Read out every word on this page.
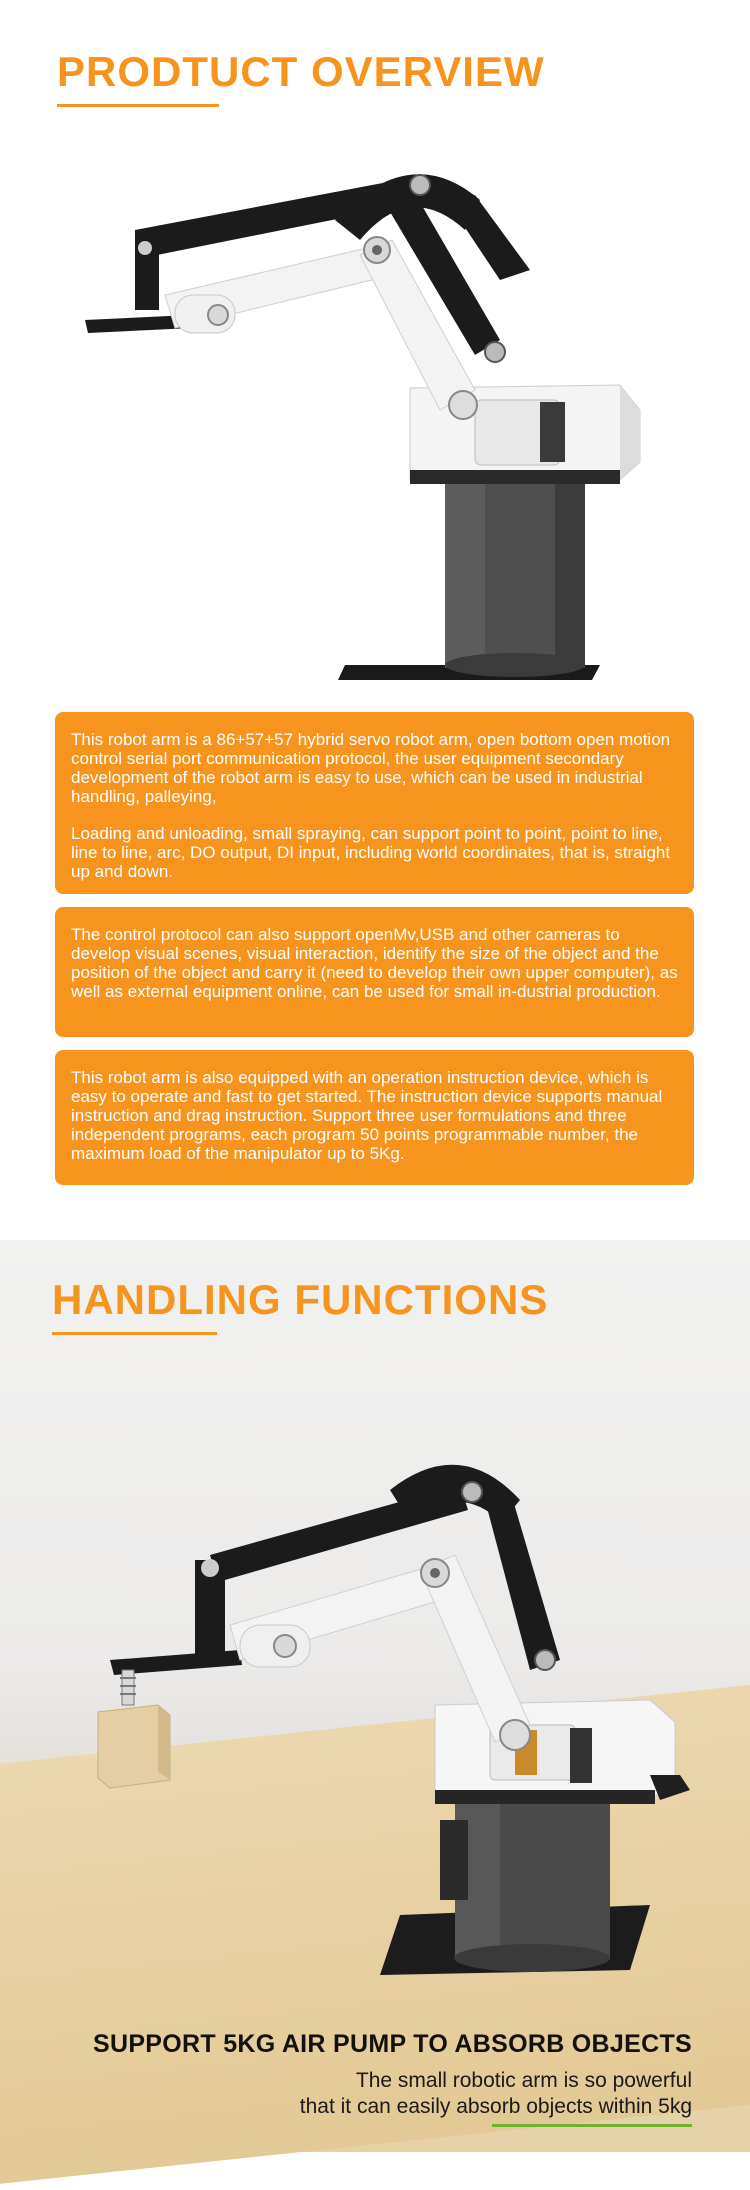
PRODTUCT OVERVIEW

This robot arm is a 86+57+57 hybrid servo robot arm, open bottom open motion control serial port communication protocol, the user equipment secondary development of the robot arm is easy to use, which can be used in industrial handling, palleying,

Loading and unloading, small spraying, can support point to point, point to line, line to line, arc, DO output, DI input, including world coordinates, that is, straight up and down.

The control protocol can also support openMv,USB and other cameras to develop visual scenes, visual interaction, identify the size of the object and the position of the object and carry it (need to develop their own upper computer), as well as external equipment online, can be used for small in-dustrial production.

This robot arm is also equipped with an operation instruction device, which is easy to operate and fast to get started. The instruction device supports manual instruction and drag instruction. Support three user formulations and three independent programs, each program 50 points programmable number, the maximum load of the manipulator up to 5Kg.

HANDLING FUNCTIONS
SUPPORT 5KG AIR PUMP TO ABSORB OBJECTS

The small robotic arm is so powerful
that it can easily absorb objects within 5kg
